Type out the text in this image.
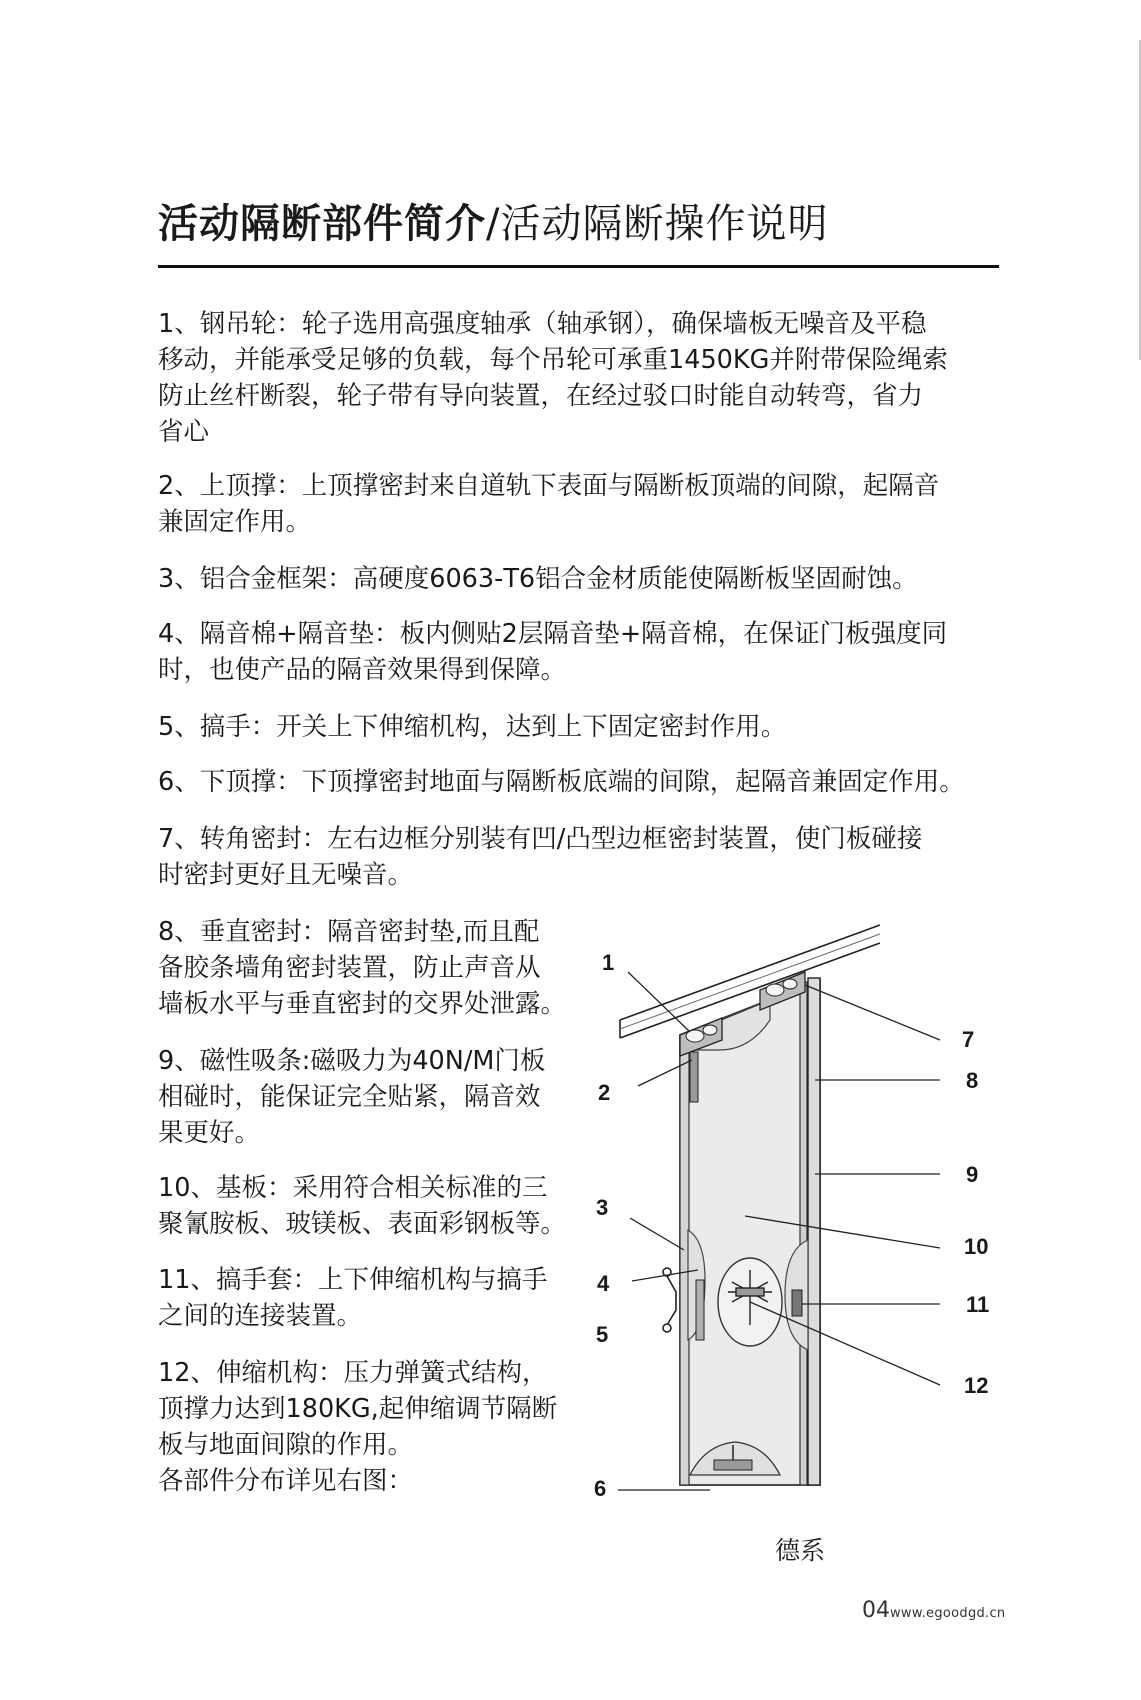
活动隔断部件简介/活动隔断操作说明
1、钢吊轮：轮子选用高强度轴承（轴承钢），确保墙板无噪音及平稳
移动，并能承受足够的负载，每个吊轮可承重1450KG并附带保险绳索
防止丝杆断裂，轮子带有导向装置，在经过驳口时能自动转弯，省力
省心
2、上顶撑：上顶撑密封来自道轨下表面与隔断板顶端的间隙，起隔音
兼固定作用。
3、铝合金框架：高硬度6063-T6铝合金材质能使隔断板坚固耐蚀。
4、隔音棉+隔音垫：板内侧贴2层隔音垫+隔音棉，在保证门板强度同
时，也使产品的隔音效果得到保障。
5、搞手：开关上下伸缩机构，达到上下固定密封作用。
6、下顶撑：下顶撑密封地面与隔断板底端的间隙，起隔音兼固定作用。
7、转角密封：左右边框分别装有凹/凸型边框密封装置，使门板碰接
时密封更好且无噪音。
8、垂直密封：隔音密封垫,而且配
备胶条墙角密封装置，防止声音从
墙板水平与垂直密封的交界处泄露。
9、磁性吸条:磁吸力为40N/M门板
相碰时，能保证完全贴紧，隔音效
果更好。
10、基板：采用符合相关标准的三
聚氰胺板、玻镁板、表面彩钢板等。
11、搞手套：上下伸缩机构与搞手
之间的连接装置。
12、伸缩机构：压力弹簧式结构，
顶撑力达到180KG,起伸缩调节隔断
板与地面间隙的作用。
各部件分布详见右图：
1
2
3
4
5
6
7
8
9
10
11
12
德系
04www.egoodgd.cn
